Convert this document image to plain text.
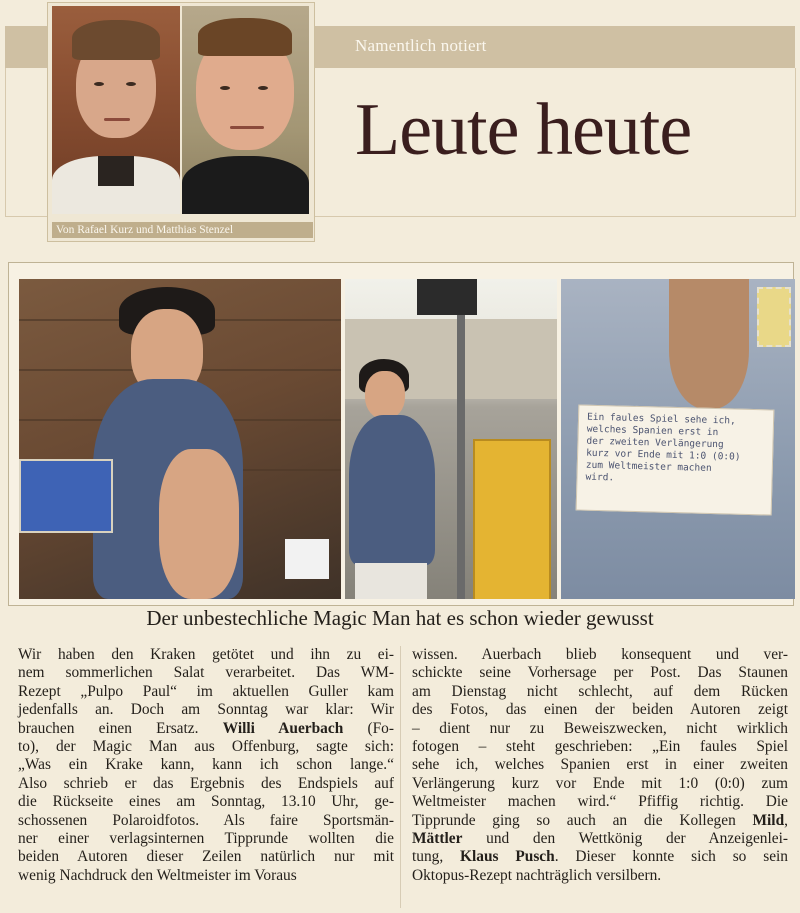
Namentlich notiert
Von Rafael Kurz und Matthias Stenzel
Leute heute
Ein faules Spiel sehe ich,
welches Spanien erst in
der zweiten Verlängerung
kurz vor Ende mit 1:0 (0:0)
zum Weltmeister machen
wird.
Der unbestechliche Magic Man hat es schon wieder gewusst
Wir haben den Kraken getötet und ihn zu ei-
nem sommerlichen Salat verarbeitet. Das WM-
Rezept „Pulpo Paul“ im aktuellen Guller kam
jedenfalls an. Doch am Sonntag war klar: Wir
brauchen einen Ersatz. Willi Auerbach (Fo-
to), der Magic Man aus Offenburg, sagte sich:
„Was ein Krake kann, kann ich schon lange.“
Also schrieb er das Ergebnis des Endspiels auf
die Rückseite eines am Sonntag, 13.10 Uhr, ge-
schossenen Polaroidfotos. Als faire Sportsmän-
ner einer verlagsinternen Tipprunde wollten die
beiden Autoren dieser Zeilen natürlich nur mit
wenig Nachdruck den Weltmeister im Voraus
wissen. Auerbach blieb konsequent und ver-
schickte seine Vorhersage per Post. Das Staunen
am Dienstag nicht schlecht, auf dem Rücken
des Fotos, das einen der beiden Autoren zeigt
– dient nur zu Beweiszwecken, nicht wirklich
fotogen – steht geschrieben: „Ein faules Spiel
sehe ich, welches Spanien erst in einer zweiten
Verlängerung kurz vor Ende mit 1:0 (0:0) zum
Weltmeister machen wird.“ Pfiffig richtig. Die
Tipprunde ging so auch an die Kollegen Mild,
Mättler und den Wettkönig der Anzeigenlei-
tung, Klaus Pusch. Dieser konnte sich so sein
Oktopus-Rezept nachträglich versilbern.
